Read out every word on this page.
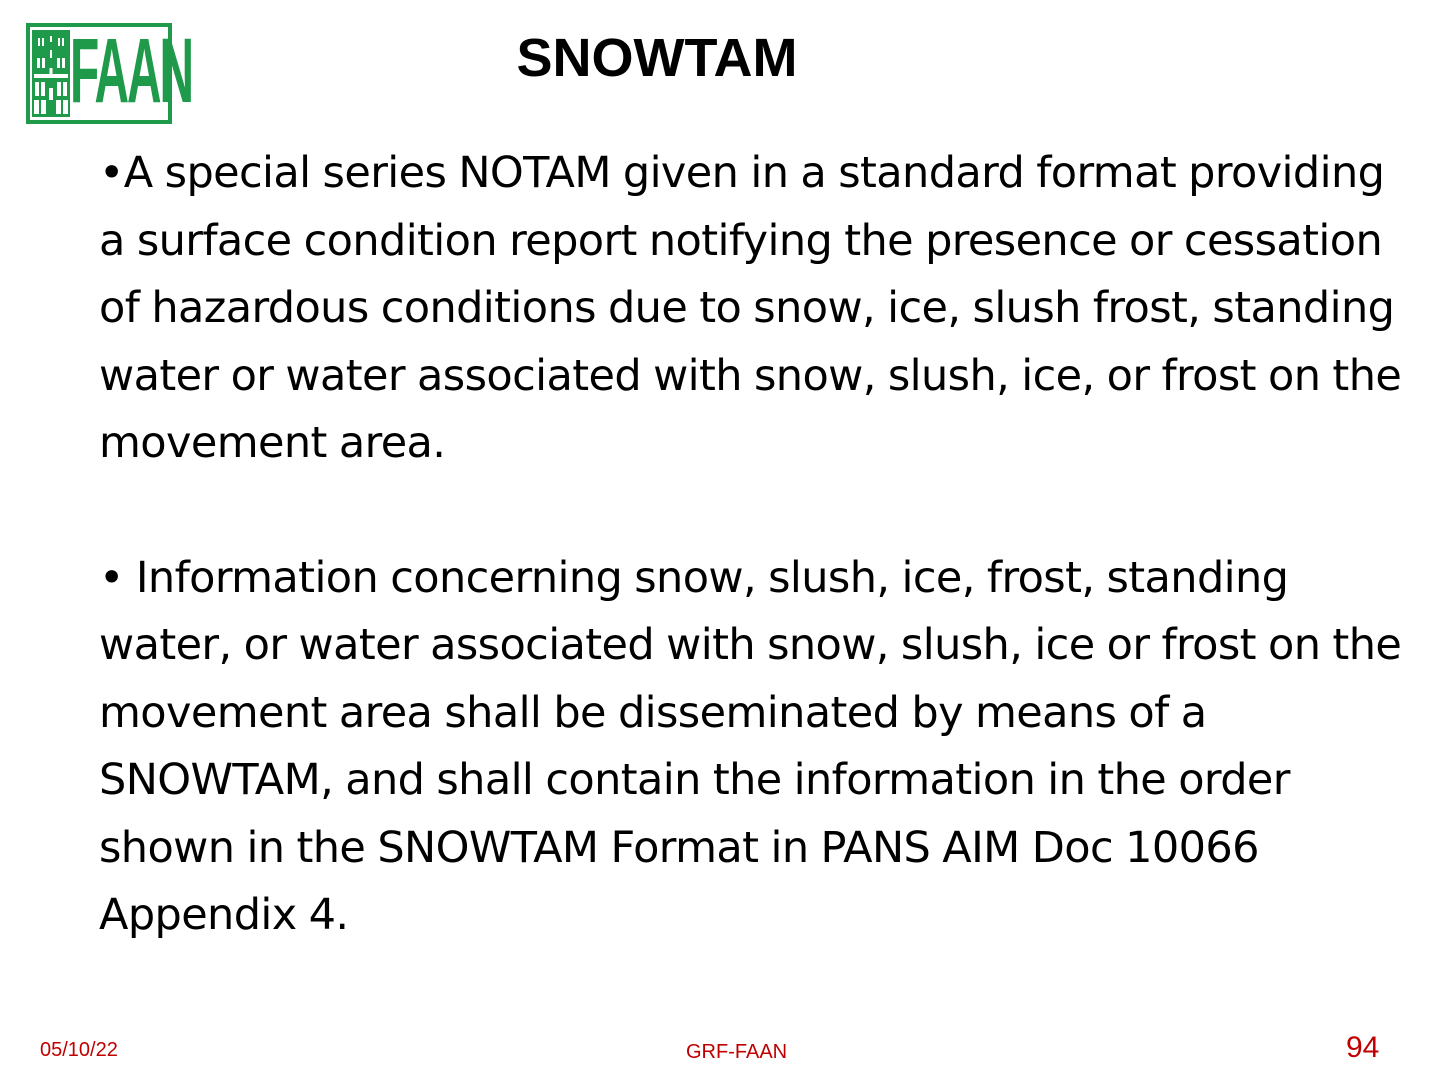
FAAN	SNOWTAM

•A special series NOTAM given in a standard format providing a surface condition report notifying the presence or cessation of hazardous conditions due to snow, ice, slush frost, standing water or water associated with snow, slush, ice, or frost on the movement area.

• Information concerning snow, slush, ice, frost, standing water, or water associated with snow, slush, ice or frost on the movement area shall be disseminated by means of a SNOWTAM, and shall contain the information in the order shown in the SNOWTAM Format in PANS AIM Doc 10066 Appendix 4.

05/10/22	GRF-FAAN	94
